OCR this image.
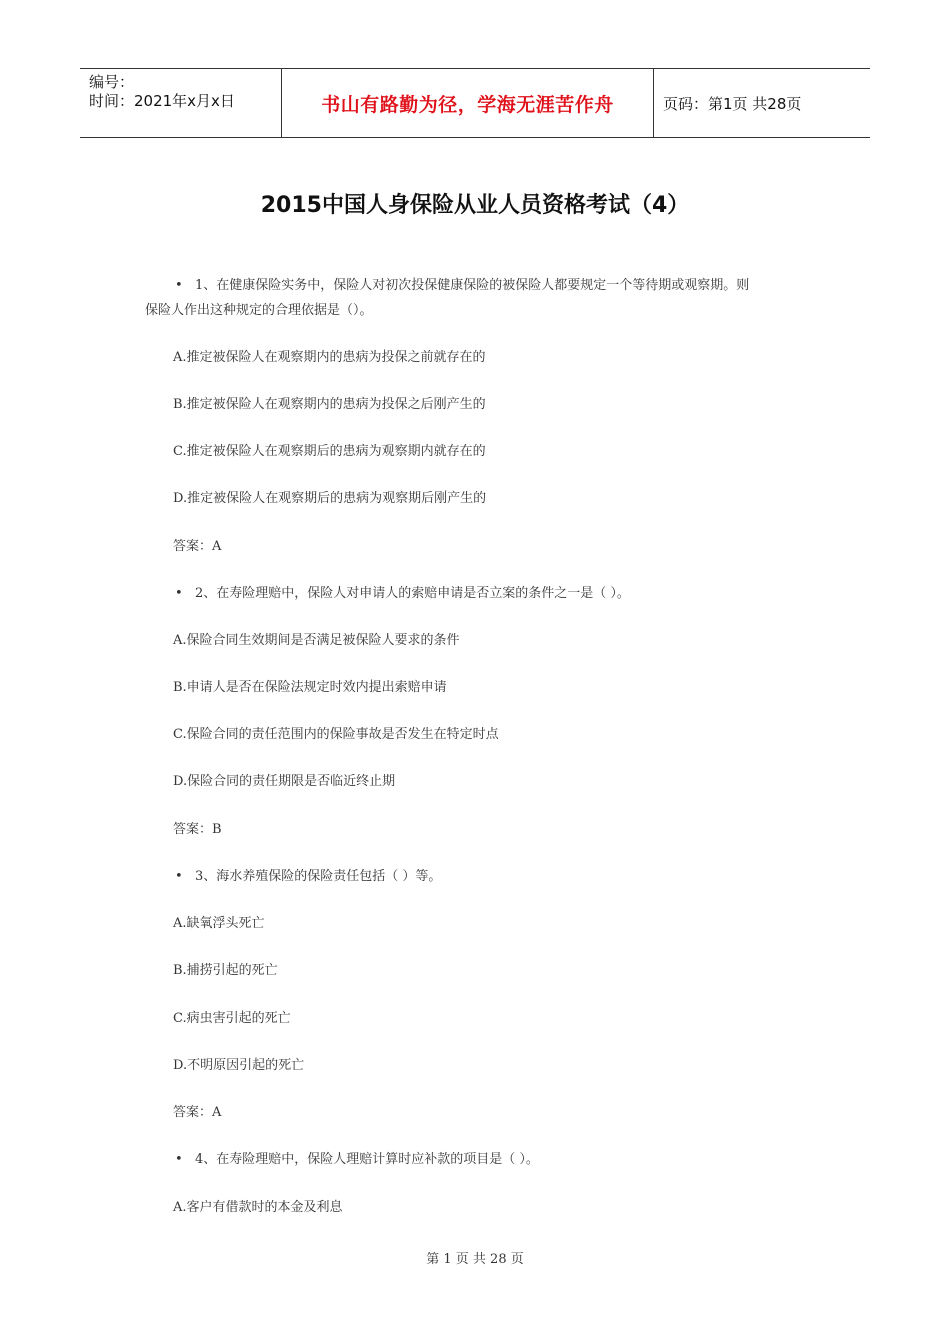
编号：
时间：2021年x月x日	书山有路勤为径，学海无涯苦作舟	页码：第1页 共28页
2015中国人身保险从业人员资格考试（4）
• 1、在健康保险实务中，保险人对初次投保健康保险的被保险人都要规定一个等待期或观察期。则
保险人作出这种规定的合理依据是（）。
A.推定被保险人在观察期内的患病为投保之前就存在的
B.推定被保险人在观察期内的患病为投保之后刚产生的
C.推定被保险人在观察期后的患病为观察期内就存在的
D.推定被保险人在观察期后的患病为观察期后刚产生的
答案：A
• 2、在寿险理赔中，保险人对申请人的索赔申请是否立案的条件之一是（ ）。
A.保险合同生效期间是否满足被保险人要求的条件
B.申请人是否在保险法规定时效内提出索赔申请
C.保险合同的责任范围内的保险事故是否发生在特定时点
D.保险合同的责任期限是否临近终止期
答案：B
• 3、海水养殖保险的保险责任包括（ ）等。
A.缺氧浮头死亡
B.捕捞引起的死亡
C.病虫害引起的死亡
D.不明原因引起的死亡
答案：A
• 4、在寿险理赔中，保险人理赔计算时应补款的项目是（ ）。
A.客户有借款时的本金及利息
第 1 页 共 28 页
